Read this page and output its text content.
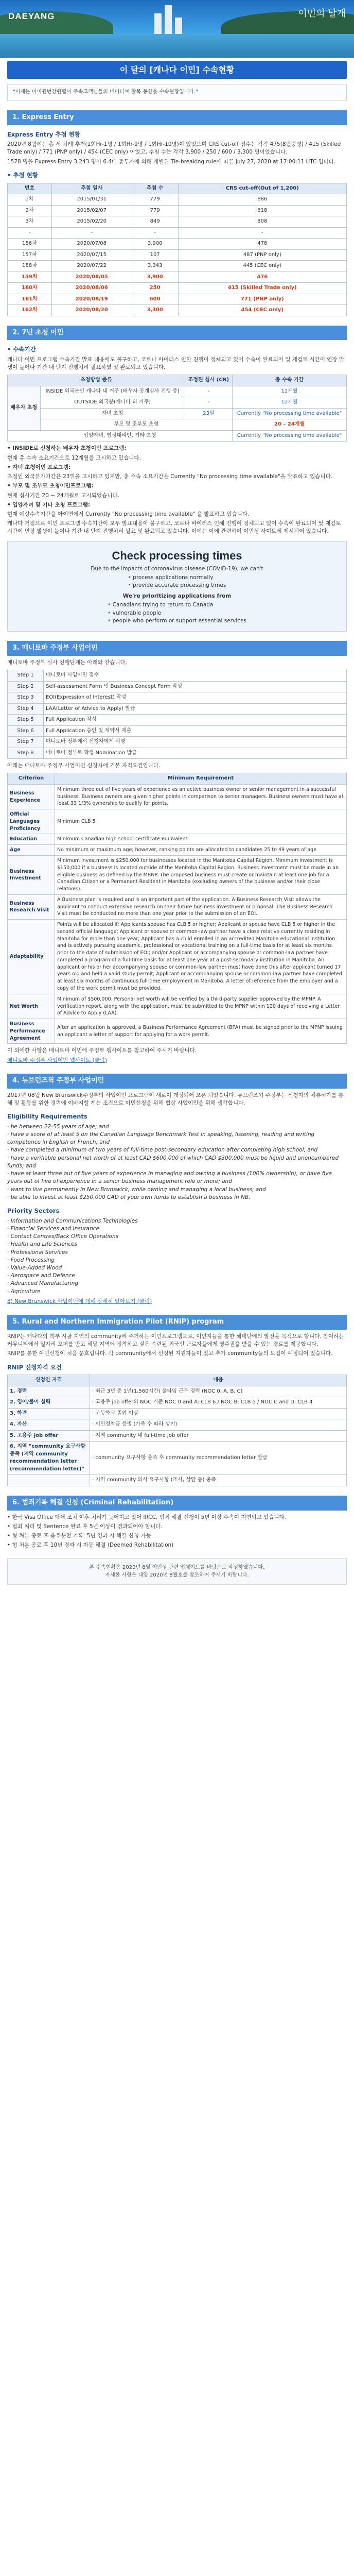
DAEYANG	이민의 날개
이 달의 [캐나다 이민] 수속현황
"이제는 이미원번장원랩이 주속고객님들의 네이티브 활목 동향을 수속현황입니다."
1. Express Entry
Express Entry 추첨 현황

2020년 8월에는 총 세 차례 추첨(1회Hr-1명 / 1회Hr-9명 / 1회Hr-10명)이 있었으며 CRS cut-off 점수는 각각 475(8월중명) / 415 (Skilled Trade only) / 771 (PNP only) / 454 (CEC only) 이었고, 추첨 수는 각각 3,900 / 250 / 600 / 3,300 명이었습니다.

1578 명을 Express Entry 3,243 명이 6.4배 총투자에 의해 개별된 Tie-breaking rule에 따른 July 27, 2020 at 17:00:11 UTC 입니다.

• 추첨 현황
번호	추첨 일자	추첨 수	CRS cut-off(Out of 1,200)
1차	2015/01/31	779	886
2차	2015/02/07	779	818
3차	2015/02/20	849	808
-	-	-	-
156차	2020/07/08	3,900	478
157차	2020/07/15	107	487 (PNP only)
158차	2020/07/22	3,343	445 (CEC only)
159차	2020/08/05	3,900	476
160차	2020/08/06	250	415 (Skilled Trade only)
161차	2020/08/19	600	771 (PNP only)
162차	2020/08/20	3,300	454 (CEC only)
2. 7년 초청 이민
• 수속기간

캐나다 이민 프로그램 수속기간 발표 내용에도 불구하고, 코로나 바이러스 인한 진행이 정체되고 있어 수속이 완료되어 및 재검토 시간이 연장 발생이 늘어나 기간 내 단지 진행처리 필요하였 및 완료되고 있습니다.

초청방법 종류		조정된 심사 (CR)	총 수속 기간
배우자 초청	INSIDE 외국분인 캐나다 내 거주 (배우자 공개심사 진행 중)	-	12개월
	OUTSIDE 외국분(캐나다 외 거주)	-	12개월
	자녀 초청	23일	Currently "No processing time available"
	부모 및 조부모 초청		20 – 24개월
입양자녀, 법정대리인, 기타 초청			Currently "No processing time available"

• INSIDE로 신청하는 배우자 초청이민 프로그램:

현재 총 수속 소요기간으로 12개월을 고시하고 있습니다.

• 자녀 초청이민 프로그램:

초청인 외국분가기간은 23일을 고시하고 있지만, 총 수속 소요기간은 Currently "No processing time available"을 발표하고 있습니다.

• 부모 및 조부모 초청이민프로그램:

현재 심사기간 20 ~ 24개월로 고시되었습니다.

• 입양자녀 및 기타 초청 프로그램:

현재 예상수속기간을 아이면에서 Currently "No processing time available" 을 발표하고 있습니다.

캐나다 거점으로 이민 프로그램 수속기간이 모두 발표내용이 불구하고, 코로나 바이러스 인해 진행이 정체되고 있어 수속이 완료되어 및 재검토 시간이 연장 발생이 늘어나 기간 내 단지 진행처리 필요 및 완료되고 있습니다. 이에는 이에 관련하여 이민성 사이트에 제시되어 있습니다.

Check processing times
Due to the impacts of coronavirus disease (COVID-19), we can't
• process applications normally
• provide accurate processing times
We're prioritizing applications from
• Canadians trying to return to Canada
• vulnerable people
• people who perform or support essential services
3. 매니토바 주정부 사업이민

매니토바 주정부 실사 진행단계는 아래와 같습니다.

Step 1	매니토바 사업이민 접수
Step 2	Self-assessment Form 및 Business Concept Form 작성
Step 3	EOI(Expression of Interest) 작성
Step 4	LAA(Letter of Advice to Apply) 발급
Step 5	Full Application 작성
Step 6	Full Application 승인 및 계약서 제출
Step 7	매니토바 정부에서 신청자에게 서명
Step 8	매니토바 정부로 확정 Nomination 발급

아래는 매니토바 주정부 사업이민 신청자에 기본 자격요건입니다.

Criterion	Minimum Requirement
Business Experience	Minimum three out of five years of experience as an active business owner or senior management in a successful business. Business owners are given higher points in comparison to senior managers. Business owners must have at least 33 1/3% ownership to qualify for points.
Official Languages Proficiency	Minimum CLB 5
Education	Minimum Canadian high school certificate equivalent
Age	No minimum or maximum age; however, ranking points are allocated to candidates 25 to 49 years of age
Business Investment	Minimum investment is $250,000 for businesses located in the Manitoba Capital Region. Minimum investment is $150,000 if a business is located outside of the Manitoba Capital Region. Business investment must be made in an eligible business as defined by the MBNP. The proposed business must create or maintain at least one job for a Canadian Citizen or a Permanent Resident in Manitoba (excluding owners of the business and/or their close relatives).
Business Research Visit	A Business plan is required and is an important part of the application. A Business Research Visit allows the applicant to conduct extensive research on their future business investment or proposal. The Business Research Visit must be conducted no more than one year prior to the submission of an EOI.
Adaptability	Points will be allocated if: Applicants spouse has CLB 5 or higher; Applicant or spouse have CLB 5 or higher in the second official language; Applicant or spouse or common-law partner have a close relative currently residing in Manitoba for more than one year; Applicant has a child enrolled in an accredited Manitoba educational institution and is actively pursuing academic, professional or vocational training on a full-time basis for at least six months prior to the date of submission of EOI; and/or Applicant or accompanying spouse or common-law partner have completed a program of a full-time basis for at least one year at a post-secondary institution in Manitoba. An applicant or his or her accompanying spouse or common-law partner must have done this after applicant turned 17 years old and held a valid study permit; Applicant or accompanying spouse or common-law partner have completed at least six months of continuous full-time employment in Manitoba. A letter of reference from the employer and a copy of the work permit must be provided.
Net Worth	Minimum of $500,000. Personal net worth will be verified by a third-party supplier approved by the MPNP. A verification report, along with the application, must be submitted to the MPNP within 120 days of receiving a Letter of Advice to Apply (LAA).
Business Performance Agreement	After an application is approved, a Business Performance Agreement (BPA) must be signed prior to the MPNP issuing an applicant a letter of support for applying for a work permit.

이 외에한 사항은 매니토바 이민에 주정부 웹사이트를 참고하여 주시기 바랍니다.

매니토바 주정부 사업이민 웹사이트 (클릭)

4. 뉴브런즈윅 주정부 사업이민

2017년 08월 New Brunswick주정부의 사업이민 프로그램이 새로이 개정되어 오픈 되었습니다. 뉴브런즈윅 주정부는 신청자의 체류허가를 통해 및 활동를 위한 경력에 이바지할 계는 조건으로 이민신청을 위해 협상 사업이민을 위해 생각합니다.

Eligibility Requirements
· be between 22-55 years of age; and
· have a score of at least 5 on the Canadian Language Benchmark Test in speaking, listening, reading and writing competence in English or French; and
· have completed a minimum of two years of full-time post-secondary education after completing high school; and
· have a verifiable personal net worth of at least CAD $600,000 of which CAD $300,000 must be liquid and unencumbered funds; and
· have at least three out of five years of experience in managing and owning a business (100% ownership), or have five years out of five of experience in a senior business management role or more; and
· want to live permanently in New Brunswick, while owning and managing a local business; and
· be able to invest at least $250,000 CAD of your own funds to establish a business in NB.
Priority Sectors
· Information and Communications Technologies
· Financial Services and Insurance
· Contact Centres/Back Office Operations
· Health and Life Sciences
· Professional Services
· Food Processing
· Value-Added Wood
· Aerospace and Defence
· Advanced Manufacturing
· Agriculture

8) New Brunswick 사업이민에 대해 상세히 알아보기 (클릭)

5. Rural and Northern Immigration Pilot (RNIP) program

RNIP는 캐나다의 북부 시골 지역의 community에 주거하는 이민프로그램으로, 이민자들을 통한 혜택단에의 발전을 목적으로 합니다. 참여하는 커뮤니티에서 일자리 오퍼를 받고 해당 지역에 정착하고 싶은 숙련된 외국인 근로자들에게 영주권을 받을 수 있는 경로를 제공합니다.

RNIP를 통한 이민신청이 처음 문호립니다. 각 community에서 선정된 지원자들이 있고 추가 community들의 모집이 예정되어 있습니다.

RNIP 신청자격 요건
신청인 자격	내용
1. 경력	· 최근 3년 중 1년(1,560시간) 풀타임 근무 경력 (NOC 0, A, B, C)
2. 영어/불어 실력	· 고용주 job offer의 NOC 기준 NOC 0 and A: CLB 6 / NOC B: CLB 5 / NOC C and D: CLB 4
3. 학력	· 고등학교 졸업 이상
4. 자산	· 이민정착금 증빙 (가족 수 따라 상이)
5. 고용주 job offer	· 지역 community 내 full-time job offer
6. 지역 "community 요구사항 충족 (지역 community recommendation letter (recommendation letter)"	· community 요구사항 충족 후 community recommendation letter 발급
	· 지역 community 의사 요구사항 (조사, 상담 등) 충족
6. 범죄기록 해결 신청 (Criminal Rehabilitation)

• 한국 Visa Office 폐쇄 조치 이후 처리가 늦어지고 있어 IRCC, 범죄 해결 신청이 5년 이상 수속이 지연되고 있습니다.

• 범죄 처리 및 Sentence 완료 후 5년 이상이 경과되어야 합니다.

• 형 처분 종료 후 음주운전 기록: 5년 경과 시 해결 신청 가능

• 형 처분 종료 후 10년 경과 시 자동 해결 (Deemed Rehabilitation)

본 수속현황은 2020년 8월 이민성 관련 업데이트를 바탕으로 작성하였습니다.
자세한 사항은 대양 2020년 8월호를 참조하여 주시기 바랍니다.
